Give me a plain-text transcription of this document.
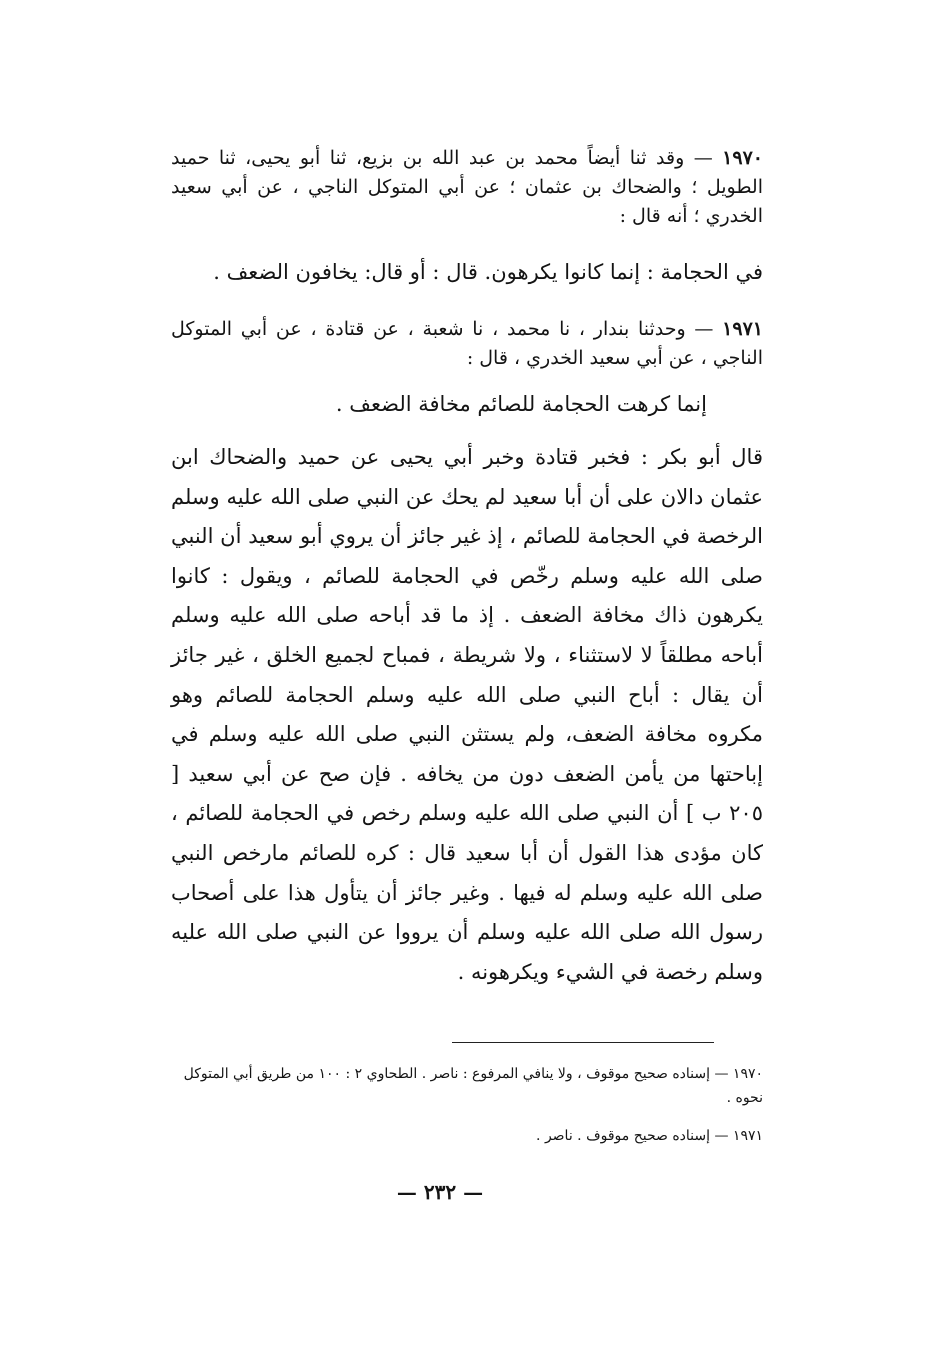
١٩٧٠ — وقد ثنا أيضاً محمد بن عبد الله بن بزيع، ثنا أبو يحيى، ثنا حميد الطويل ؛ والضحاك بن عثمان ؛ عن أبي المتوكل الناجي ، عن أبي سعيد الخدري ؛ أنه قال :
في الحجامة : إنما كانوا يكرهون. قال : أو قال: يخافون الضعف .
١٩٧١ — وحدثنا بندار ، نا محمد ، نا شعبة ، عن قتادة ، عن أبي المتوكل الناجي ، عن أبي سعيد الخدري ، قال :
إنما كرهت الحجامة للصائم مخافة الضعف .
قال أبو بكر : فخبر قتادة وخبر أبي يحيى عن حميد والضحاك ابن عثمان دالان على أن أبا سعيد لم يحك عن النبي صلى الله عليه وسلم الرخصة في الحجامة للصائم ، إذ غير جائز أن يروي أبو سعيد أن النبي صلى الله عليه وسلم رخّص في الحجامة للصائم ، ويقول : كانوا يكرهون ذاك مخافة الضعف . إذ ما قد أباحه صلى الله عليه وسلم أباحه مطلقاً لا لاستثناء ، ولا شريطة ، فمباح لجميع الخلق ، غير جائز أن يقال : أباح النبي صلى الله عليه وسلم الحجامة للصائم وهو مكروه مخافة الضعف، ولم يستثن النبي صلى الله عليه وسلم في إباحتها من يأمن الضعف دون من يخافه . فإن صح عن أبي سعيد [ ٢٠٥ ب ] أن النبي صلى الله عليه وسلم رخص في الحجامة للصائم ، كان مؤدى هذا القول أن أبا سعيد قال : كره للصائم مارخص النبي صلى الله عليه وسلم له فيها . وغير جائز أن يتأول هذا على أصحاب رسول الله صلى الله عليه وسلم أن يرووا عن النبي صلى الله عليه وسلم رخصة في الشيء ويكرهونه .
١٩٧٠ — إسناده صحيح موقوف ، ولا ينافي المرفوع : ناصر . الطحاوي ٢ : ١٠٠ من طريق أبي المتوكل نحوه .
١٩٧١ — إسناده صحيح موقوف . ناصر .
— ٢٣٢ —
